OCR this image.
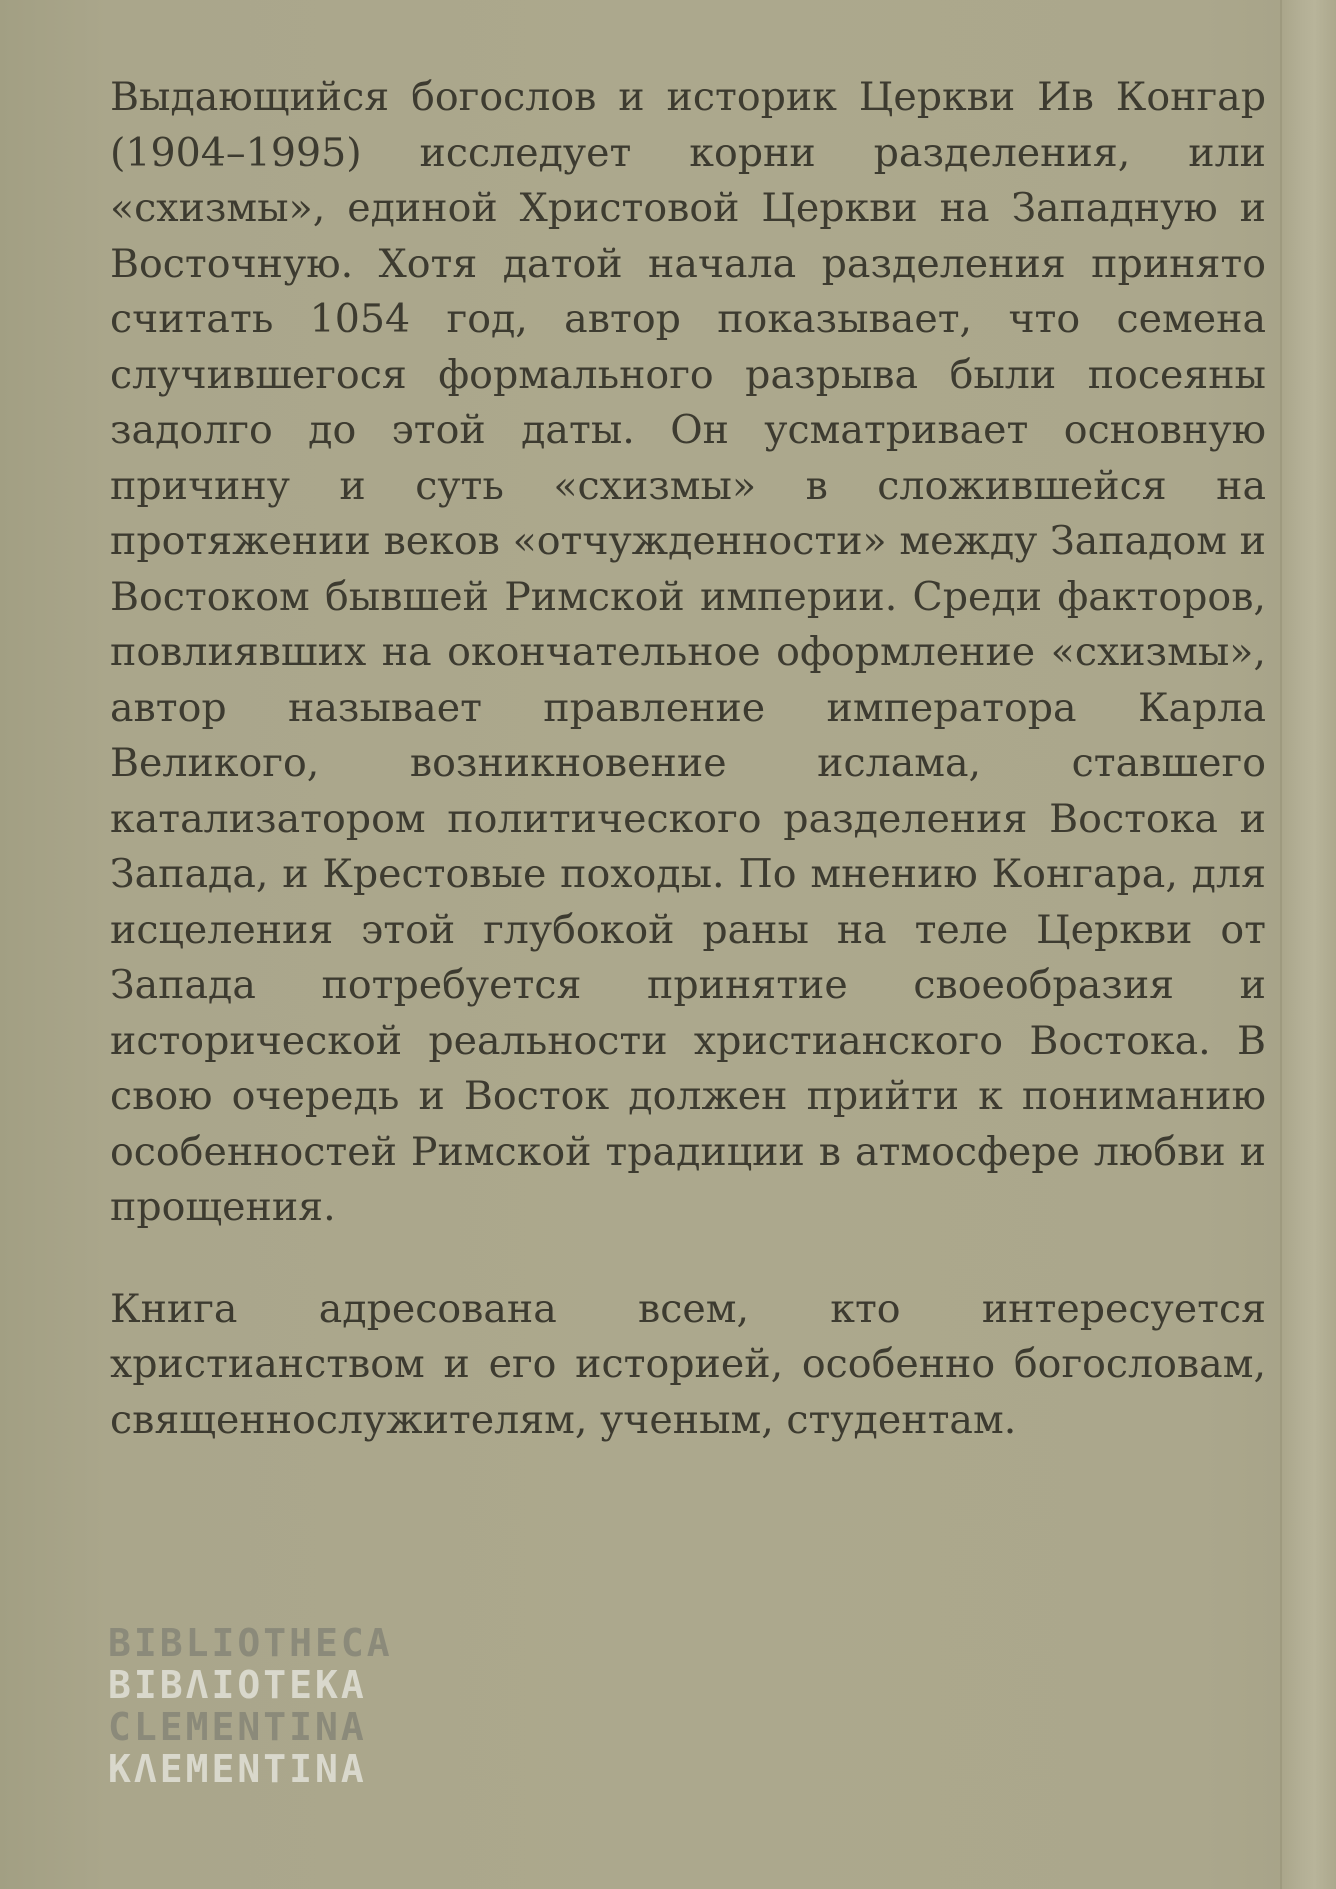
Выдающийся богослов и историк Церкви Ив Конгар (1904–1995) исследует корни разделения, или «схизмы», единой Христовой Церкви на Западную и Восточную. Хотя датой начала разделения принято считать 1054 год, автор показывает, что семена случившегося формального разрыва были посеяны задолго до этой даты. Он усматривает основную причину и суть «схизмы» в сложившейся на протяжении веков «отчужденности» между Западом и Востоком бывшей Римской империи. Среди факторов, повлиявших на окончательное оформление «схизмы», автор называет правление императора Карла Великого, возникновение ислама, ставшего катализатором политического разделения Востока и Запада, и Крестовые походы. По мнению Конгара, для исцеления этой глубокой раны на теле Церкви от Запада потребуется принятие своеобразия и исторической реальности христианского Востока. В свою очередь и Восток должен прийти к пониманию особенностей Римской традиции в атмосфере любви и прощения.

Книга адресована всем, кто интересуется христианством и его историей, особенно богословам, священнослужителям, ученым, студентам.

BIBLIOTHECA
ΒΙΒΛΙΟΤΕΚΑ
CLEMENTINA
ΚΛΕΜΕΝΤΙΝΑ
